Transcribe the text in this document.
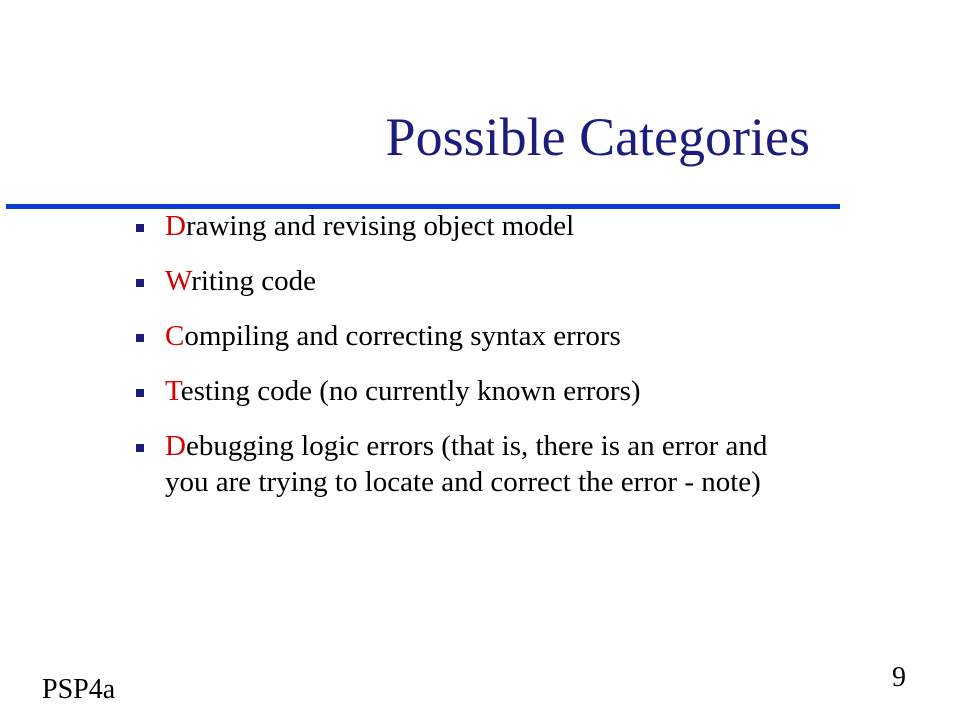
Possible Categories
Drawing and revising object model
Writing code
Compiling and correcting syntax errors
Testing code (no currently known errors)
Debugging logic errors (that is, there is an error and you are trying to locate and correct the error - note)
PSP4a	9
